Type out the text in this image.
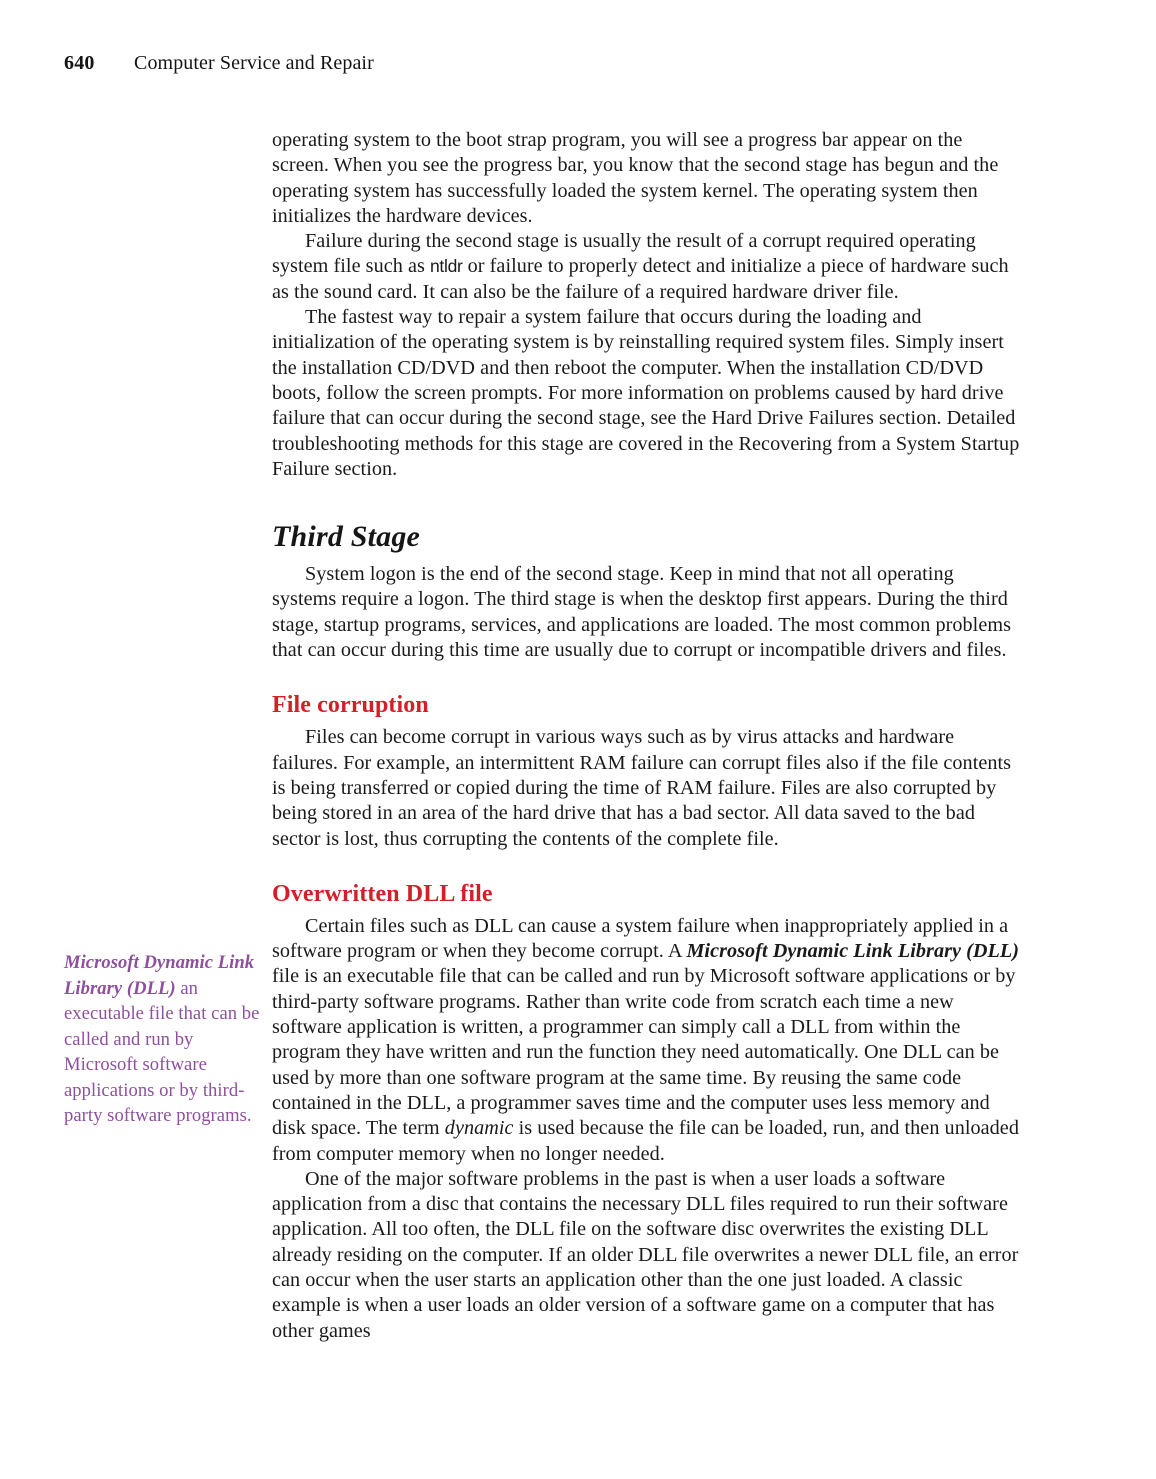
640	Computer Service and Repair

operating system to the boot strap program, you will see a progress bar appear on the screen. When you see the progress bar, you know that the second stage has begun and the operating system has successfully loaded the system kernel. The operating system then initializes the hardware devices.

Failure during the second stage is usually the result of a corrupt required operating system file such as ntldr or failure to properly detect and initialize a piece of hardware such as the sound card. It can also be the failure of a required hardware driver file.

The fastest way to repair a system failure that occurs during the loading and initialization of the operating system is by reinstalling required system files. Simply insert the installation CD/DVD and then reboot the computer. When the installation CD/DVD boots, follow the screen prompts. For more information on problems caused by hard drive failure that can occur during the second stage, see the Hard Drive Failures section. Detailed troubleshooting methods for this stage are covered in the Recovering from a System Startup Failure section.

Third Stage

System logon is the end of the second stage. Keep in mind that not all operating systems require a logon. The third stage is when the desktop first appears. During the third stage, startup programs, services, and applications are loaded. The most common problems that can occur during this time are usually due to corrupt or incompatible drivers and files.

File corruption

Files can become corrupt in various ways such as by virus attacks and hardware failures. For example, an intermittent RAM failure can corrupt files also if the file contents is being transferred or copied during the time of RAM failure. Files are also corrupted by being stored in an area of the hard drive that has a bad sector. All data saved to the bad sector is lost, thus corrupting the contents of the complete file.

Overwritten DLL file

Certain files such as DLL can cause a system failure when inappropriately applied in a software program or when they become corrupt. A Microsoft Dynamic Link Library (DLL) file is an executable file that can be called and run by Microsoft software applications or by third-party software programs. Rather than write code from scratch each time a new software application is written, a programmer can simply call a DLL from within the program they have written and run the function they need automatically. One DLL can be used by more than one software program at the same time. By reusing the same code contained in the DLL, a programmer saves time and the computer uses less memory and disk space. The term dynamic is used because the file can be loaded, run, and then unloaded from computer memory when no longer needed.

One of the major software problems in the past is when a user loads a software application from a disc that contains the necessary DLL files required to run their software application. All too often, the DLL file on the software disc overwrites the existing DLL already residing on the computer. If an older DLL file overwrites a newer DLL file, an error can occur when the user starts an application other than the one just loaded. A classic example is when a user loads an older version of a software game on a computer that has other games

Microsoft Dynamic Link Library (DLL) an executable file that can be called and run by Microsoft software applications or by third-party software programs.
